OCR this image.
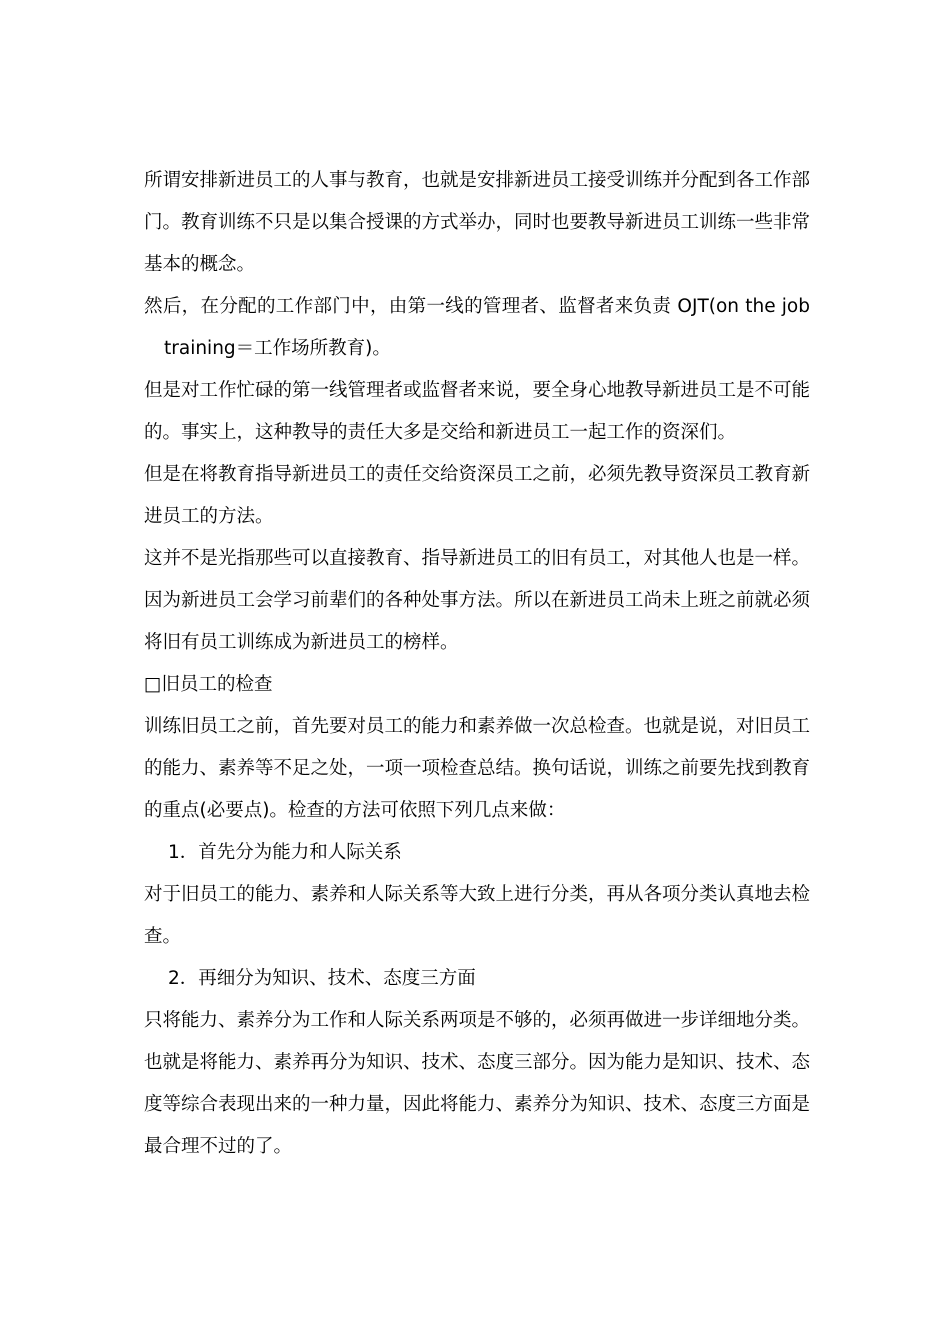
所谓安排新进员工的人事与教育，也就是安排新进员工接受训练并分配到各工作部门。教育训练不只是以集合授课的方式举办，同时也要教导新进员工训练一些非常基本的概念。

然后，在分配的工作部门中，由第一线的管理者、监督者来负责 OJT(on the job training＝工作场所教育)。

但是对工作忙碌的第一线管理者或监督者来说，要全身心地教导新进员工是不可能的。事实上，这种教导的责任大多是交给和新进员工一起工作的资深们。

但是在将教育指导新进员工的责任交给资深员工之前，必须先教导资深员工教育新进员工的方法。

这并不是光指那些可以直接教育、指导新进员工的旧有员工，对其他人也是一样。

因为新进员工会学习前辈们的各种处事方法。所以在新进员工尚未上班之前就必须将旧有员工训练成为新进员工的榜样。

□旧员工的检查

训练旧员工之前，首先要对员工的能力和素养做一次总检查。也就是说，对旧员工的能力、素养等不足之处，一项一项检查总结。换句话说，训练之前要先找到教育的重点(必要点)。检查的方法可依照下列几点来做：

1．首先分为能力和人际关系

对于旧员工的能力、素养和人际关系等大致上进行分类，再从各项分类认真地去检查。

2．再细分为知识、技术、态度三方面

只将能力、素养分为工作和人际关系两项是不够的，必须再做进一步详细地分类。也就是将能力、素养再分为知识、技术、态度三部分。因为能力是知识、技术、态度等综合表现出来的一种力量，因此将能力、素养分为知识、技术、态度三方面是最合理不过的了。
